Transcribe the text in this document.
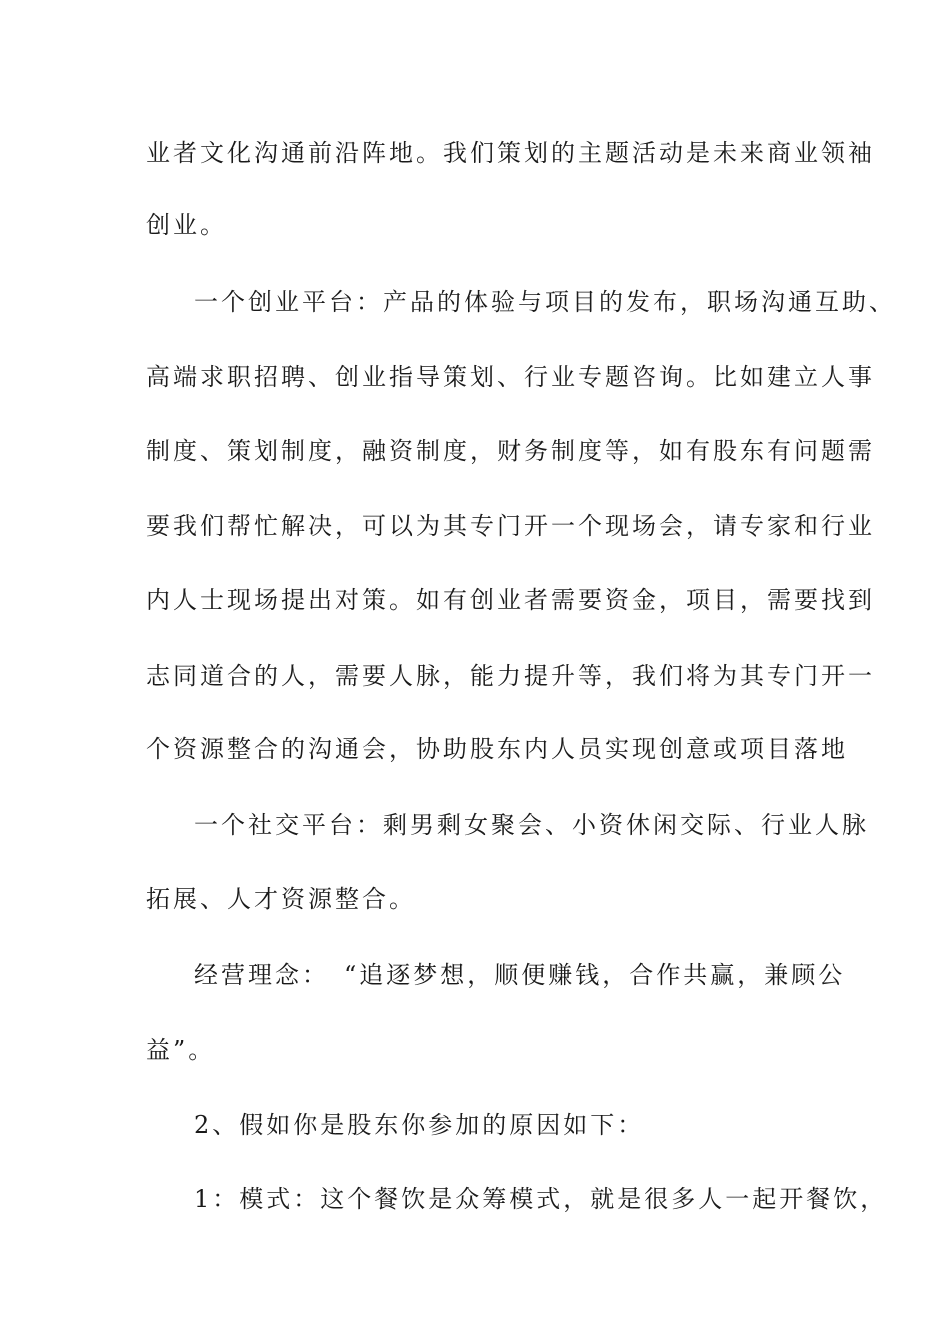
业者文化沟通前沿阵地。我们策划的主题活动是未来商业领袖
创业。
一个创业平台：产品的体验与项目的发布，职场沟通互助、
高端求职招聘、创业指导策划、行业专题咨询。比如建立人事
制度、策划制度，融资制度，财务制度等，如有股东有问题需
要我们帮忙解决，可以为其专门开一个现场会，请专家和行业
内人士现场提出对策。如有创业者需要资金，项目，需要找到
志同道合的人，需要人脉，能力提升等，我们将为其专门开一
个资源整合的沟通会，协助股东内人员实现创意或项目落地
一个社交平台：剩男剩女聚会、小资休闲交际、行业人脉
拓展、人才资源整合。
经营理念：　“追逐梦想，顺便赚钱，合作共赢，兼顾公
益”。
2、假如你是股东你参加的原因如下：
1：模式：这个餐饮是众筹模式，就是很多人一起开餐饮，
